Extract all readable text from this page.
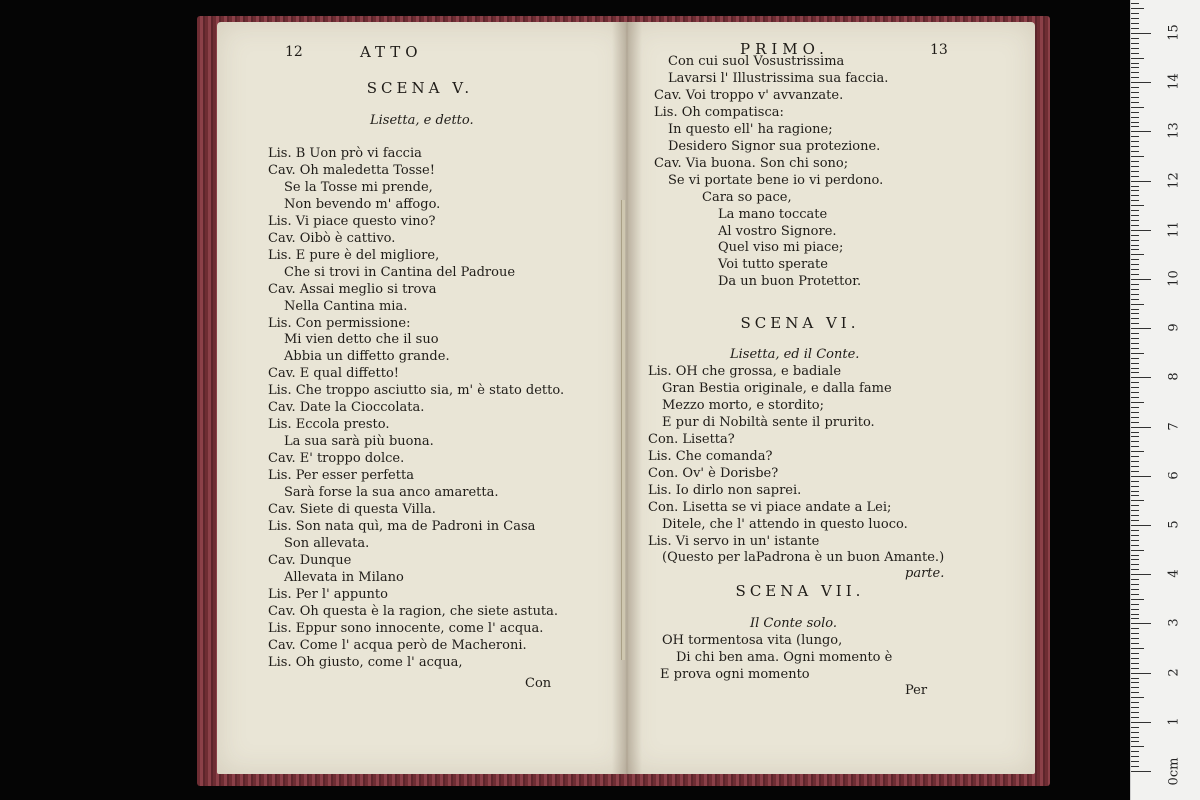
12	ATTO
SCENA V.
Lisetta, e detto.
Lis. B Uon prò vi faccia
Cav. Oh maledetta Tosse!
Se la Tosse mi prende,
Non bevendo m' affogo.
Lis. Vi piace questo vino?
Cav. Oibò è cattivo.
Lis. E pure è del migliore,
Che si trovi in Cantina del Padroue
Cav. Assai meglio si trova
Nella Cantina mia.
Lis. Con permissione:
Mi vien detto che il suo
Abbia un diffetto grande.
Cav. E qual diffetto!
Lis. Che troppo asciutto sia, m' è stato detto.
Cav. Date la Cioccolata.
Lis. Eccola presto.
La sua sarà più buona.
Cav. E' troppo dolce.
Lis. Per esser perfetta
Sarà forse la sua anco amaretta.
Cav. Siete di questa Villa.
Lis. Son nata quì, ma de Padroni in Casa
Son allevata.
Cav. Dunque
Allevata in Milano
Lis. Per l' appunto
Cav. Oh questa è la ragion, che siete astuta.
Lis. Eppur sono innocente, come l' acqua.
Cav. Come l' acqua però de Macheroni.
Lis. Oh giusto, come l' acqua,
Con
PRIMO.	13
Con cui suol Vosustrissima
Lavarsi l' Illustrissima sua faccia.
Cav. Voi troppo v' avvanzate.
Lis. Oh compatisca:
In questo ell' ha ragione;
Desidero Signor sua protezione.
Cav. Via buona. Son chi sono;
Se vi portate bene io vi perdono.
Cara so pace,
La mano toccate
Al vostro Signore.
Quel viso mi piace;
Voi tutto sperate
Da un buon Protettor.
SCENA VI.
Lisetta, ed il Conte.
Lis. OH che grossa, e badiale
Gran Bestia originale, e dalla fame
Mezzo morto, e stordito;
E pur di Nobiltà sente il prurito.
Con. Lisetta?
Lis. Che comanda?
Con. Ov' è Dorisbe?
Lis. Io dirlo non saprei.
Con. Lisetta se vi piace andate a Lei;
Ditele, che l' attendo in questo luoco.
Lis. Vi servo in un' istante
(Questo per laPadrona è un buon Amante.)
parte.
SCENA VII.
Il Conte solo.
OH tormentosa vita (lungo,
Di chi ben ama. Ogni momento è
E prova ogni momento
Per
0cm
1
2
3
4
5
6
7
8
9
10
11
12
13
14
15
